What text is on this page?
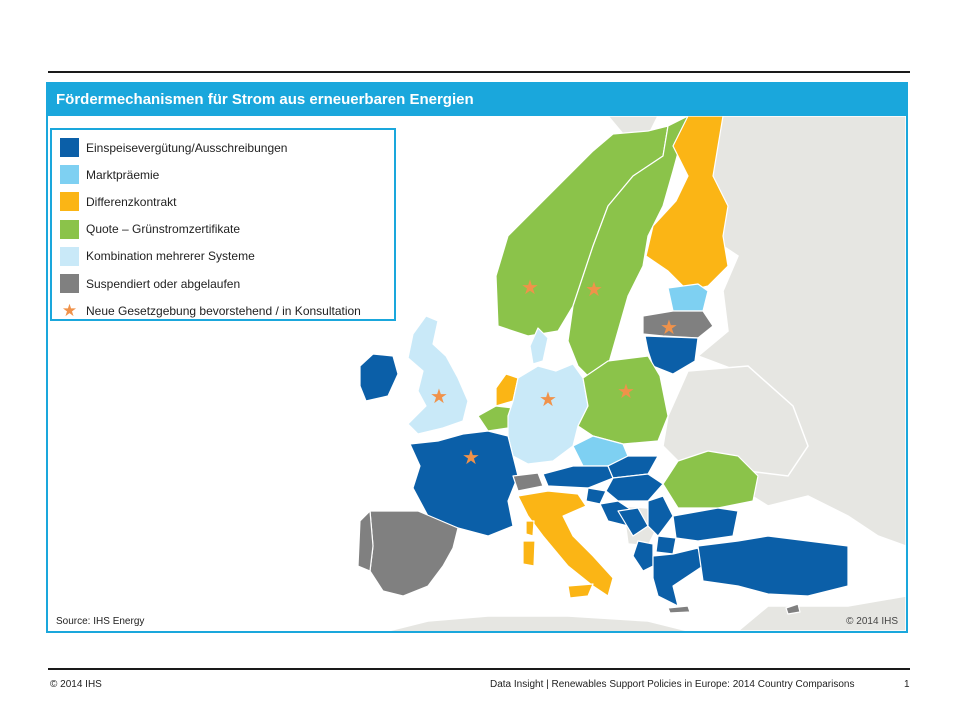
Fördermechanismen für Strom aus erneuerbaren Energien
★ ★
★
★	★	★
★
Einspeisevergütung/Ausschreibungen
Marktpräemie
Differenzkontrakt
Quote – Grünstromzertifikate
Kombination mehrerer Systeme
Suspendiert oder abgelaufen
★ Neue Gesetzgebung bevorstehend / in Konsultation
Source: IHS Energy	© 2014 IHS
© 2014 IHS	Data Insight | Renewables Support Policies in Europe: 2014 Country Comparisons	1
